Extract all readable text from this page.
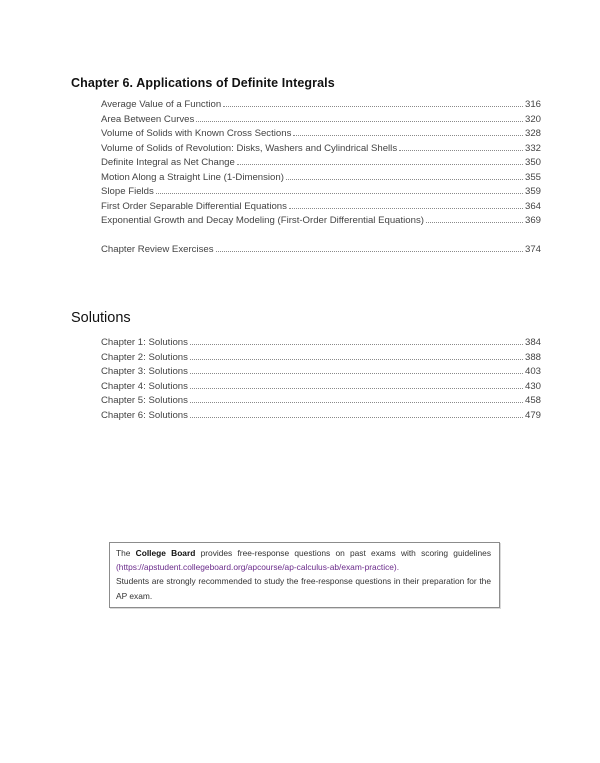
Chapter 6. Applications of Definite Integrals
Average Value of a Function	316
Area Between Curves	320
Volume of Solids with Known Cross Sections	328
Volume of Solids of Revolution: Disks, Washers and Cylindrical Shells	332
Definite Integral as Net Change	350
Motion Along a Straight Line (1-Dimension)	355
Slope Fields	359
First Order Separable Differential Equations	364
Exponential Growth and Decay Modeling (First-Order Differential Equations)	369
Chapter Review Exercises	374
Solutions
Chapter 1: Solutions	384
Chapter 2: Solutions	388
Chapter 3: Solutions	403
Chapter 4: Solutions	430
Chapter 5: Solutions	458
Chapter 6: Solutions	479

The College Board provides free-response questions on past exams with scoring guidelines (https://apstudent.collegeboard.org/apcourse/ap-calculus-ab/exam-practice).

Students are strongly recommended to study the free-response questions in their preparation for the AP exam.
